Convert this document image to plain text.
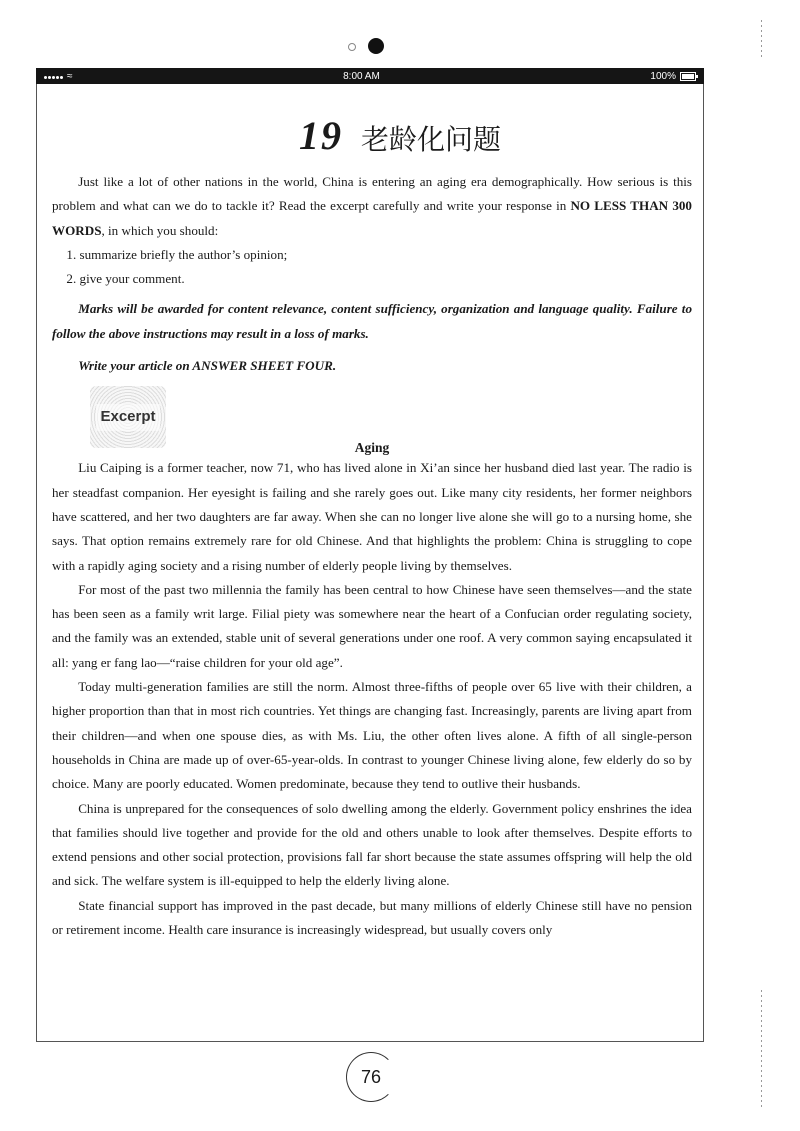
≈	8:00 AM	100%
19 老龄化问题

Just like a lot of other nations in the world, China is entering an aging era demographically. How serious is this problem and what can we do to tackle it? Read the excerpt carefully and write your response in NO LESS THAN 300 WORDS, in which you should:

1. summarize briefly the author’s opinion;

2. give your comment.

Marks will be awarded for content relevance, content sufficiency, organization and language quality. Failure to follow the above instructions may result in a loss of marks.

Write your article on ANSWER SHEET FOUR.

Excerpt
Aging

Liu Caiping is a former teacher, now 71, who has lived alone in Xi’an since her husband died last year. The radio is her steadfast companion. Her eyesight is failing and she rarely goes out. Like many city residents, her former neighbors have scattered, and her two daughters are far away. When she can no longer live alone she will go to a nursing home, she says. That option remains extremely rare for old Chinese. And that highlights the problem: China is struggling to cope with a rapidly aging society and a rising number of elderly people living by themselves.

For most of the past two millennia the family has been central to how Chinese have seen themselves—and the state has been seen as a family writ large. Filial piety was somewhere near the heart of a Confucian order regulating society, and the family was an extended, stable unit of several generations under one roof. A very common saying encapsulated it all: yang er fang lao—“raise children for your old age”.

Today multi-generation families are still the norm. Almost three-fifths of people over 65 live with their children, a higher proportion than that in most rich countries. Yet things are changing fast. Increasingly, parents are living apart from their children—and when one spouse dies, as with Ms. Liu, the other often lives alone. A fifth of all single-person households in China are made up of over-65-year-olds. In contrast to younger Chinese living alone, few elderly do so by choice. Many are poorly educated. Women predominate, because they tend to outlive their husbands.

China is unprepared for the consequences of solo dwelling among the elderly. Government policy enshrines the idea that families should live together and provide for the old and others unable to look after themselves. Despite efforts to extend pensions and other social protection, provisions fall far short because the state assumes offspring will help the old and sick. The welfare system is ill-equipped to help the elderly living alone.

State financial support has improved in the past decade, but many millions of elderly Chinese still have no pension or retirement income. Health care insurance is increasingly widespread, but usually covers only

76
